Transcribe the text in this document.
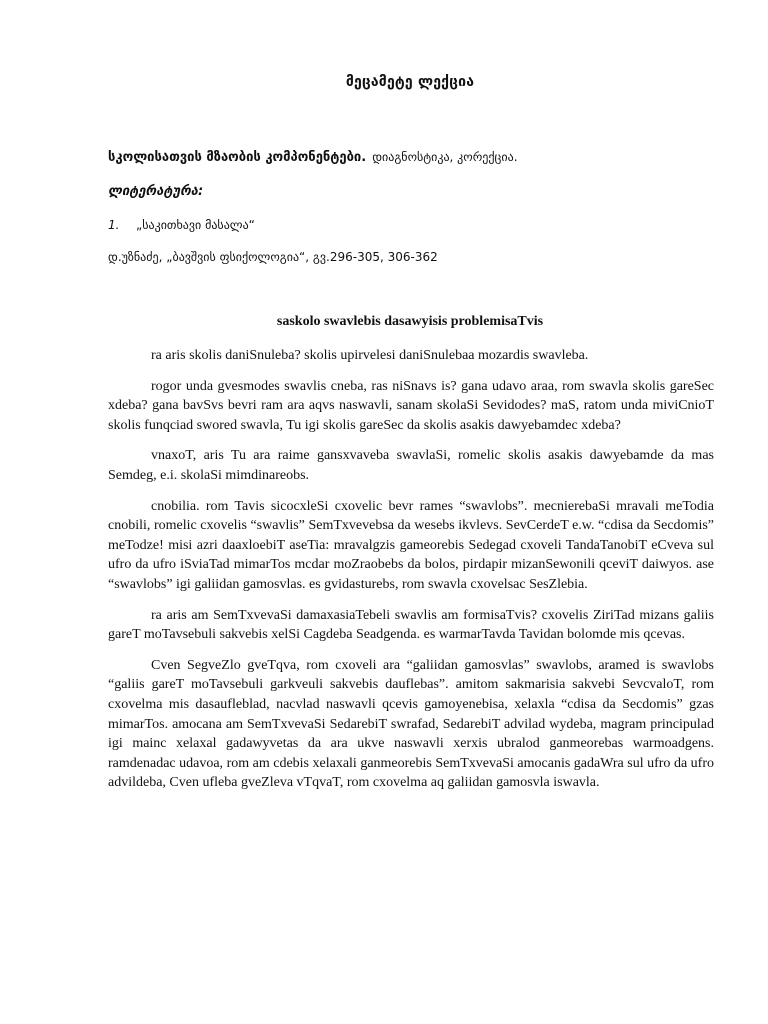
მეცამეტე ლექცია
სკოლისათვის მზაობის კომპონენტები. დიაგნოსტიკა, კორექცია.
ლიტერატურა:
1. „საკითხავი მასალა“
დ.უზნაძე, „ბავშვის ფსიქოლოგია“, გვ.296-305, 306-362
saskolo swavlebis dasawyisis problemisaTvis

ra aris skolis daniSnuleba? skolis upirvelesi daniSnulebaa mozardis swavleba.

rogor unda gvesmodes swavlis cneba, ras niSnavs is? gana udavo araa, rom swavla skolis gareSec xdeba? gana bavSvs bevri ram ara aqvs naswavli, sanam skolaSi Sevidodes? maS, ratom unda miviCnioT skolis funqciad swored swavla, Tu igi skolis gareSec da skolis asakis dawyebamdec xdeba?

vnaxoT, aris Tu ara raime gansxvaveba swavlaSi, romelic skolis asakis dawyebamde da mas Semdeg, e.i. skolaSi mimdinareobs.

cnobilia. rom Tavis sicocxleSi cxovelic bevr rames “swavlobs”. mecnierebaSi mravali meTodia cnobili, romelic cxovelis “swavlis” SemTxvevebsa da wesebs ikvlevs. SevCerdeT e.w. “cdisa da Secdomis” meTodze! misi azri daaxloebiT aseTia: mravalgzis gameorebis Sedegad cxoveli TandaTanobiT eCveva sul ufro da ufro iSviaTad mimarTos mcdar moZraobebs da bolos, pirdapir mizanSewonili qceviT daiwyos. ase “swavlobs” igi galiidan gamosvlas. es gvidasturebs, rom swavla cxovelsac SesZlebia.

ra aris am SemTxvevaSi damaxasiaTebeli swavlis am formisaTvis? cxovelis ZiriTad mizans galiis gareT moTavsebuli sakvebis xelSi Cagdeba Seadgenda. es warmarTavda Tavidan bolomde mis qcevas.

Cven SegveZlo gveTqva, rom cxoveli ara “galiidan gamosvlas” swavlobs, aramed is swavlobs “galiis gareT moTavsebuli garkveuli sakvebis dauflebas”. amitom sakmarisia sakvebi SevcvaloT, rom cxovelma mis dasaufleblad, nacvlad naswavli qcevis gamoyenebisa, xelaxla “cdisa da Secdomis” gzas mimarTos. amocana am SemTxvevaSi SedarebiT swrafad, SedarebiT advilad wydeba, magram principulad igi mainc xelaxal gadawyvetas da ara ukve naswavli xerxis ubralod ganmeorebas warmoadgens. ramdenadac udavoa, rom am cdebis xelaxali ganmeorebis SemTxvevaSi amocanis gadaWra sul ufro da ufro advildeba, Cven ufleba gveZleva vTqvaT, rom cxovelma aq galiidan gamosvla iswavla.
